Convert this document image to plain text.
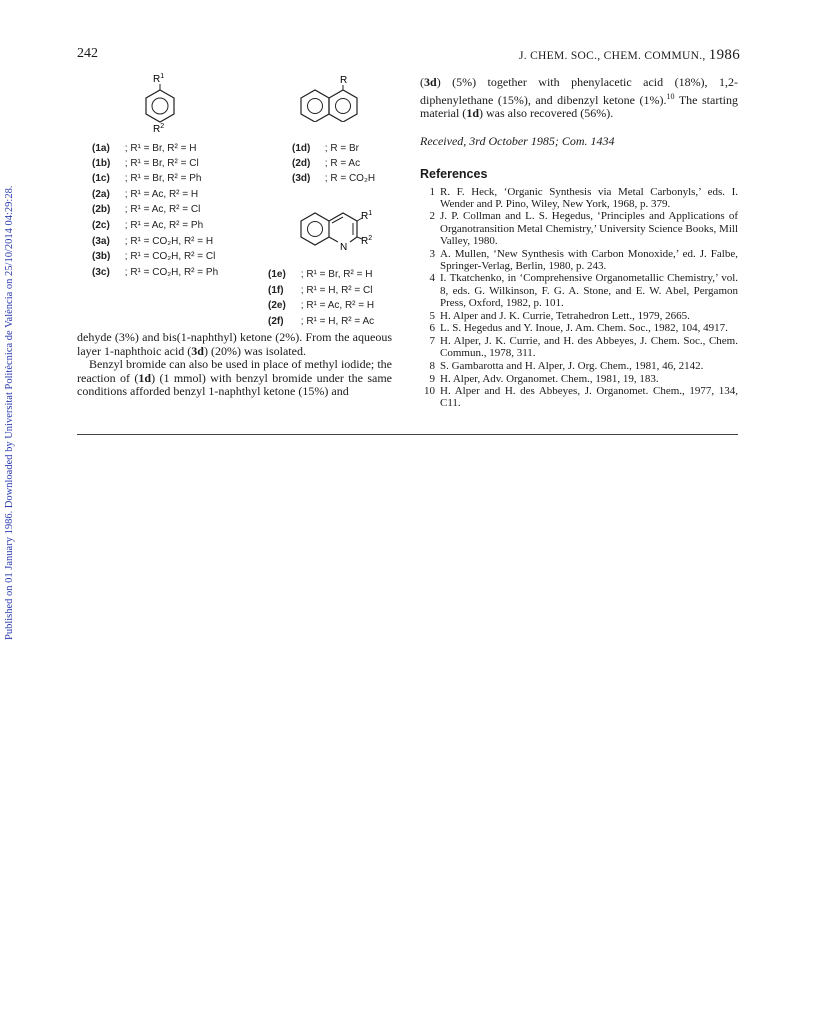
Published on 01 January 1986. Downloaded by Universitat Politècnica de València on 25/10/2014 04:29:28.
242	J. CHEM. SOC., CHEM. COMMUN., 1986
$R^1$
$R^2$
R
N
$R^1$
$R^2$
(1a) ; R¹ = Br, R² = H
(1b) ; R¹ = Br, R² = Cl
(1c) ; R¹ = Br, R² = Ph
(2a) ; R¹ = Ac, R² = H
(2b) ; R¹ = Ac, R² = Cl
(2c) ; R¹ = Ac, R² = Ph
(3a) ; R¹ = CO₂H, R² = H
(3b) ; R¹ = CO₂H, R² = Cl
(3c) ; R¹ = CO₂H, R² = Ph
(1d) ; R = Br
(2d) ; R = Ac
(3d) ; R = CO₂H
(1e) ; R¹ = Br, R² = H
(1f) ; R¹ = H, R² = Cl
(2e) ; R¹ = Ac, R² = H
(2f) ; R¹ = H, R² = Ac

dehyde (3%) and bis(1-naphthyl) ketone (2%). From the aqueous layer 1-naphthoic acid (3d) (20%) was isolated.

Benzyl bromide can also be used in place of methyl iodide; the reaction of (1d) (1 mmol) with benzyl bromide under the same conditions afforded benzyl 1-naphthyl ketone (15%) and

(3d) (5%) together with phenylacetic acid (18%), 1,2-diphenylethane (15%), and dibenzyl ketone (1%).$^{10}$ The starting material (1d) was also recovered (56%).

Received, 3rd October 1985; Com. 1434

References
1 R. F. Heck, ‘Organic Synthesis via Metal Carbonyls,’ eds. I. Wender and P. Pino, Wiley, New York, 1968, p. 379.
2 J. P. Collman and L. S. Hegedus, ‘Principles and Applications of Organotransition Metal Chemistry,’ University Science Books, Mill Valley, 1980.
3 A. Mullen, ‘New Synthesis with Carbon Monoxide,’ ed. J. Falbe, Springer-Verlag, Berlin, 1980, p. 243.
4 I. Tkatchenko, in ‘Comprehensive Organometallic Chemistry,’ vol. 8, eds. G. Wilkinson, F. G. A. Stone, and E. W. Abel, Pergamon Press, Oxford, 1982, p. 101.
5 H. Alper and J. K. Currie, Tetrahedron Lett., 1979, 2665.
6 L. S. Hegedus and Y. Inoue, J. Am. Chem. Soc., 1982, 104, 4917.
7 H. Alper, J. K. Currie, and H. des Abbeyes, J. Chem. Soc., Chem. Commun., 1978, 311.
8 S. Gambarotta and H. Alper, J. Org. Chem., 1981, 46, 2142.
9 H. Alper, Adv. Organomet. Chem., 1981, 19, 183.
10 H. Alper and H. des Abbeyes, J. Organomet. Chem., 1977, 134, C11.
